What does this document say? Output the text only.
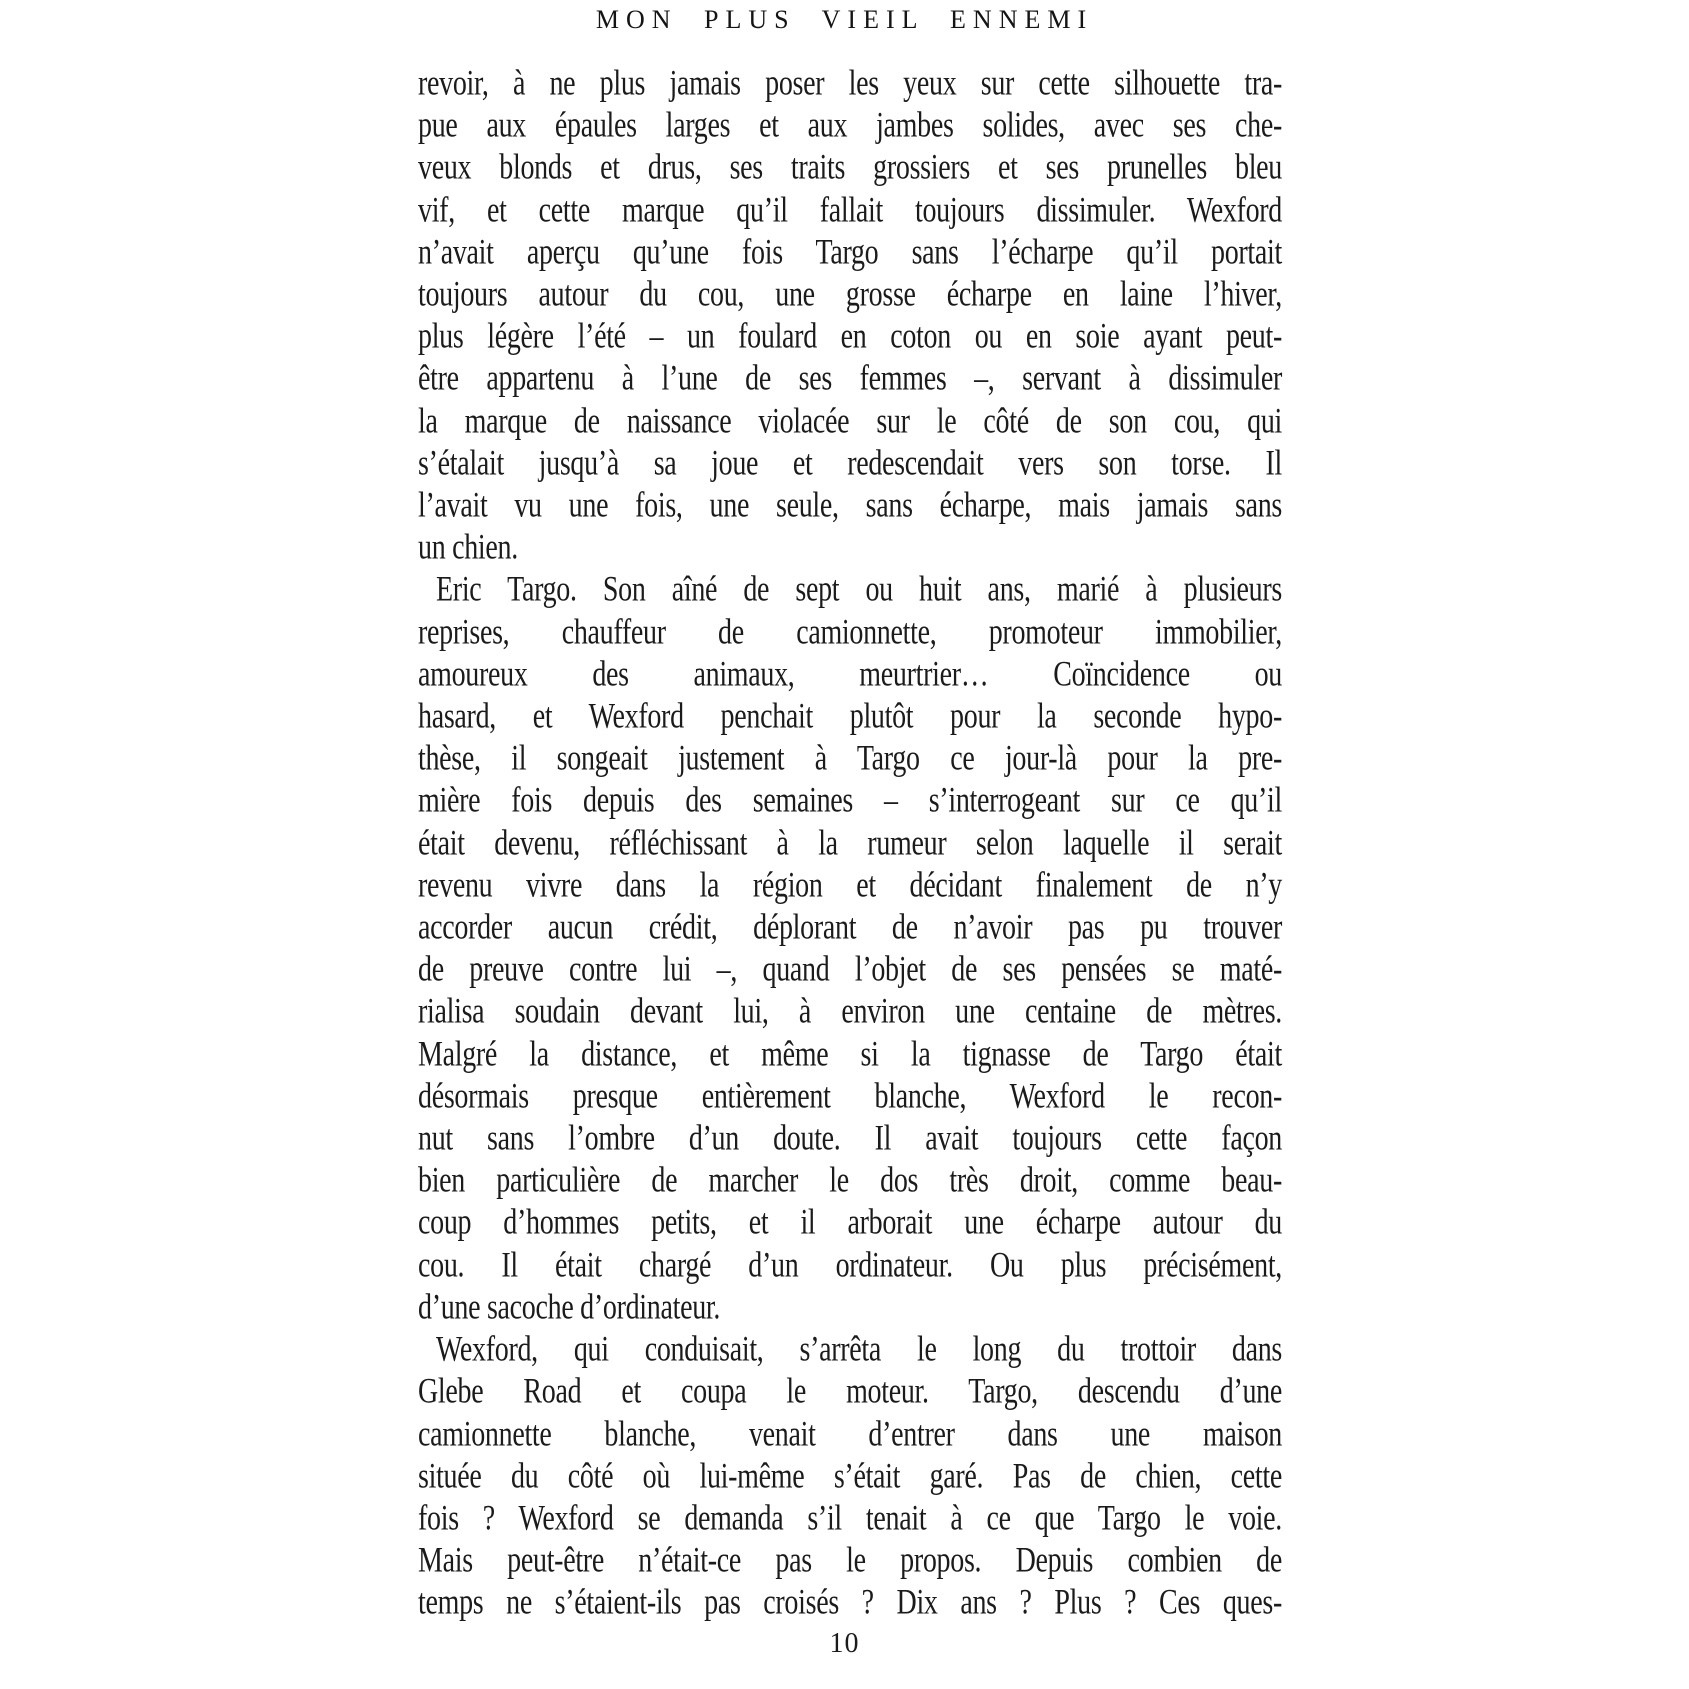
MON PLUS VIEIL ENNEMI
revoir, à ne plus jamais poser les yeux sur cette silhouette tra-
pue aux épaules larges et aux jambes solides, avec ses che-
veux blonds et drus, ses traits grossiers et ses prunelles bleu
vif, et cette marque qu’il fallait toujours dissimuler. Wexford
n’avait aperçu qu’une fois Targo sans l’écharpe qu’il portait
toujours autour du cou, une grosse écharpe en laine l’hiver,
plus légère l’été – un foulard en coton ou en soie ayant peut-
être appartenu à l’une de ses femmes –, servant à dissimuler
la marque de naissance violacée sur le côté de son cou, qui
s’étalait jusqu’à sa joue et redescendait vers son torse. Il
l’avait vu une fois, une seule, sans écharpe, mais jamais sans
un chien.
Eric Targo. Son aîné de sept ou huit ans, marié à plusieurs
reprises, chauffeur de camionnette, promoteur immobilier,
amoureux des animaux, meurtrier… Coïncidence ou
hasard, et Wexford penchait plutôt pour la seconde hypo-
thèse, il songeait justement à Targo ce jour-là pour la pre-
mière fois depuis des semaines – s’interrogeant sur ce qu’il
était devenu, réfléchissant à la rumeur selon laquelle il serait
revenu vivre dans la région et décidant finalement de n’y
accorder aucun crédit, déplorant de n’avoir pas pu trouver
de preuve contre lui –, quand l’objet de ses pensées se maté-
rialisa soudain devant lui, à environ une centaine de mètres.
Malgré la distance, et même si la tignasse de Targo était
désormais presque entièrement blanche, Wexford le recon-
nut sans l’ombre d’un doute. Il avait toujours cette façon
bien particulière de marcher le dos très droit, comme beau-
coup d’hommes petits, et il arborait une écharpe autour du
cou. Il était chargé d’un ordinateur. Ou plus précisément,
d’une sacoche d’ordinateur.
Wexford, qui conduisait, s’arrêta le long du trottoir dans
Glebe Road et coupa le moteur. Targo, descendu d’une
camionnette blanche, venait d’entrer dans une maison
située du côté où lui-même s’était garé. Pas de chien, cette
fois ? Wexford se demanda s’il tenait à ce que Targo le voie.
Mais peut-être n’était-ce pas le propos. Depuis combien de
temps ne s’étaient-ils pas croisés ? Dix ans ? Plus ? Ces ques-
10
